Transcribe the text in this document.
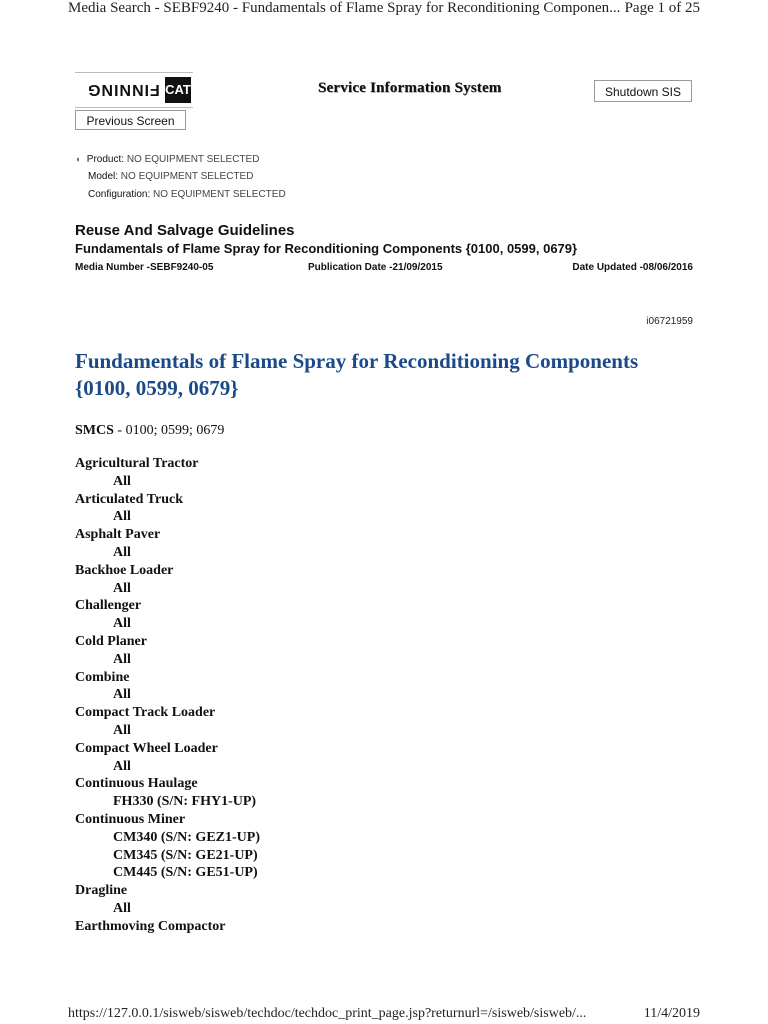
Media Search - SEBF9240 - Fundamentals of Flame Spray for Reconditioning Componen... Page 1 of 25
FINNING CAT	Service Information System	Shutdown SIS
Previous Screen
◖ Product: NO EQUIPMENT SELECTED
Model: NO EQUIPMENT SELECTED
Configuration: NO EQUIPMENT SELECTED
Reuse And Salvage Guidelines
Fundamentals of Flame Spray for Reconditioning Components {0100, 0599, 0679}
Media Number -SEBF9240-05	Publication Date -21/09/2015	Date Updated -08/06/2016
i06721959
Fundamentals of Flame Spray for Reconditioning Components {0100, 0599, 0679}
SMCS - 0100; 0599; 0679
Agricultural Tractor
All
Articulated Truck
All
Asphalt Paver
All
Backhoe Loader
All
Challenger
All
Cold Planer
All
Combine
All
Compact Track Loader
All
Compact Wheel Loader
All
Continuous Haulage
FH330 (S/N: FHY1-UP)
Continuous Miner
CM340 (S/N: GEZ1-UP)
CM345 (S/N: GE21-UP)
CM445 (S/N: GE51-UP)
Dragline
All
Earthmoving Compactor
https://127.0.0.1/sisweb/sisweb/techdoc/techdoc_print_page.jsp?returnurl=/sisweb/sisweb/...	11/4/2019
